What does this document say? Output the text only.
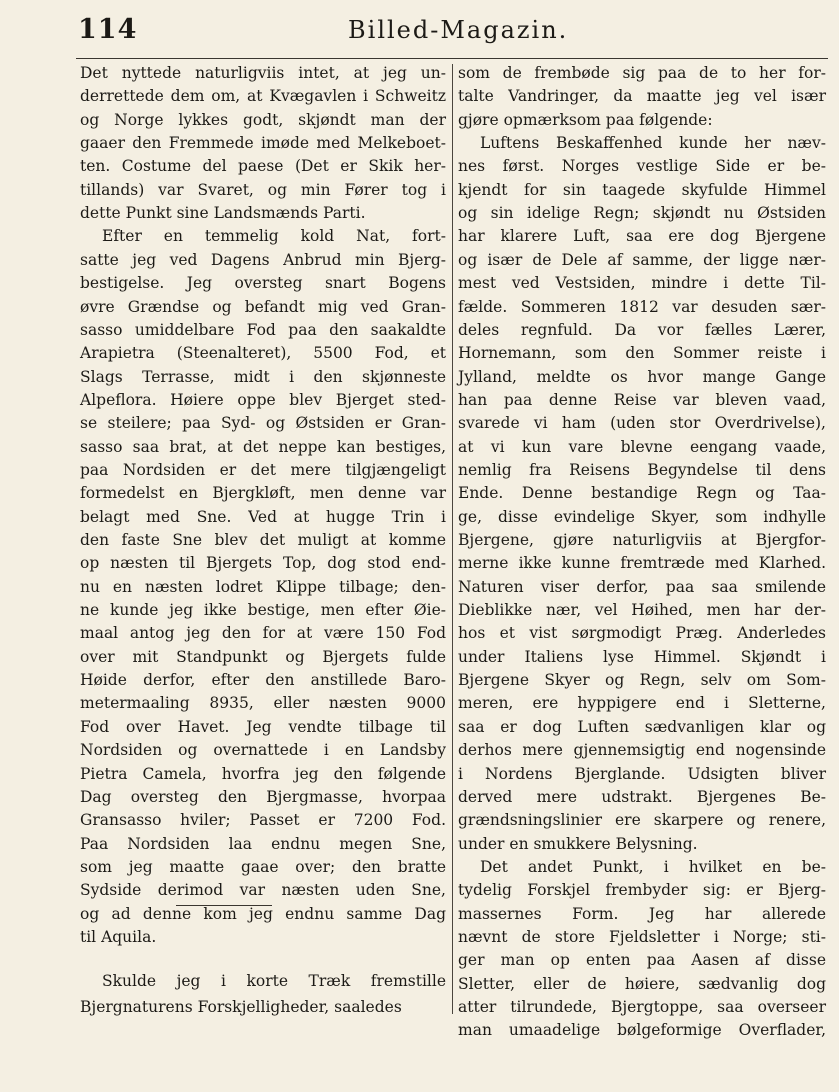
114	Billed-Magazin.
Det nyttede naturligviis intet, at jeg un-
derrettede dem om, at Kvægavlen i Schweitz
og Norge lykkes godt, skjøndt man der
gaaer den Fremmede imøde med Melkeboet-
ten. Costume del paese (Det er Skik her-
tillands) var Svaret, og min Fører tog i
dette Punkt sine Landsmænds Parti.
Efter en temmelig kold Nat, fort-
satte jeg ved Dagens Anbrud min Bjerg-
bestigelse. Jeg oversteg snart Bogens
øvre Grændse og befandt mig ved Gran-
sasso umiddelbare Fod paa den saakaldte
Arapietra (Steenalteret), 5500 Fod, et
Slags Terrasse, midt i den skjønneste
Alpeflora. Høiere oppe blev Bjerget sted-
se steilere; paa Syd- og Østsiden er Gran-
sasso saa brat, at det neppe kan bestiges,
paa Nordsiden er det mere tilgjængeligt
formedelst en Bjergkløft, men denne var
belagt med Sne. Ved at hugge Trin i
den faste Sne blev det muligt at komme
op næsten til Bjergets Top, dog stod end-
nu en næsten lodret Klippe tilbage; den-
ne kunde jeg ikke bestige, men efter Øie-
maal antog jeg den for at være 150 Fod
over mit Standpunkt og Bjergets fulde
Høide derfor, efter den anstillede Baro-
metermaaling 8935, eller næsten 9000
Fod over Havet. Jeg vendte tilbage til
Nordsiden og overnattede i en Landsby
Pietra Camela, hvorfra jeg den følgende
Dag oversteg den Bjergmasse, hvorpaa
Gransasso hviler; Passet er 7200 Fod.
Paa Nordsiden laa endnu megen Sne,
som jeg maatte gaae over; den bratte
Sydside derimod var næsten uden Sne,
og ad denne kom jeg endnu samme Dag
til Aquila.
Skulde jeg i korte Træk fremstille
Bjergnaturens Forskjelligheder, saaledes
som de frembøde sig paa de to her for-
talte Vandringer, da maatte jeg vel især
gjøre opmærksom paa følgende:
Luftens Beskaffenhed kunde her næv-
nes først. Norges vestlige Side er be-
kjendt for sin taagede skyfulde Himmel
og sin idelige Regn; skjøndt nu Østsiden
har klarere Luft, saa ere dog Bjergene
og især de Dele af samme, der ligge nær-
mest ved Vestsiden, mindre i dette Til-
fælde. Sommeren 1812 var desuden sær-
deles regnfuld. Da vor fælles Lærer,
Hornemann, som den Sommer reiste i
Jylland, meldte os hvor mange Gange
han paa denne Reise var bleven vaad,
svarede vi ham (uden stor Overdrivelse),
at vi kun vare blevne eengang vaade,
nemlig fra Reisens Begyndelse til dens
Ende. Denne bestandige Regn og Taa-
ge, disse evindelige Skyer, som indhylle
Bjergene, gjøre naturligviis at Bjergfor-
merne ikke kunne fremtræde med Klarhed.
Naturen viser derfor, paa saa smilende
Dieblikke nær, vel Høihed, men har der-
hos et vist sørgmodigt Præg. Anderledes
under Italiens lyse Himmel. Skjøndt i
Bjergene Skyer og Regn, selv om Som-
meren, ere hyppigere end i Sletterne,
saa er dog Luften sædvanligen klar og
derhos mere gjennemsigtig end nogensinde
i Nordens Bjerglande. Udsigten bliver
derved mere udstrakt. Bjergenes Be-
grændsningslinier ere skarpere og renere,
under en smukkere Belysning.
Det andet Punkt, i hvilket en be-
tydelig Forskjel frembyder sig: er Bjerg-
massernes Form. Jeg har allerede
nævnt de store Fjeldsletter i Norge; sti-
ger man op enten paa Aasen af disse
Sletter, eller de høiere, sædvanlig dog
atter tilrundede, Bjergtoppe, saa overseer
man umaadelige bølgeformige Overflader,
